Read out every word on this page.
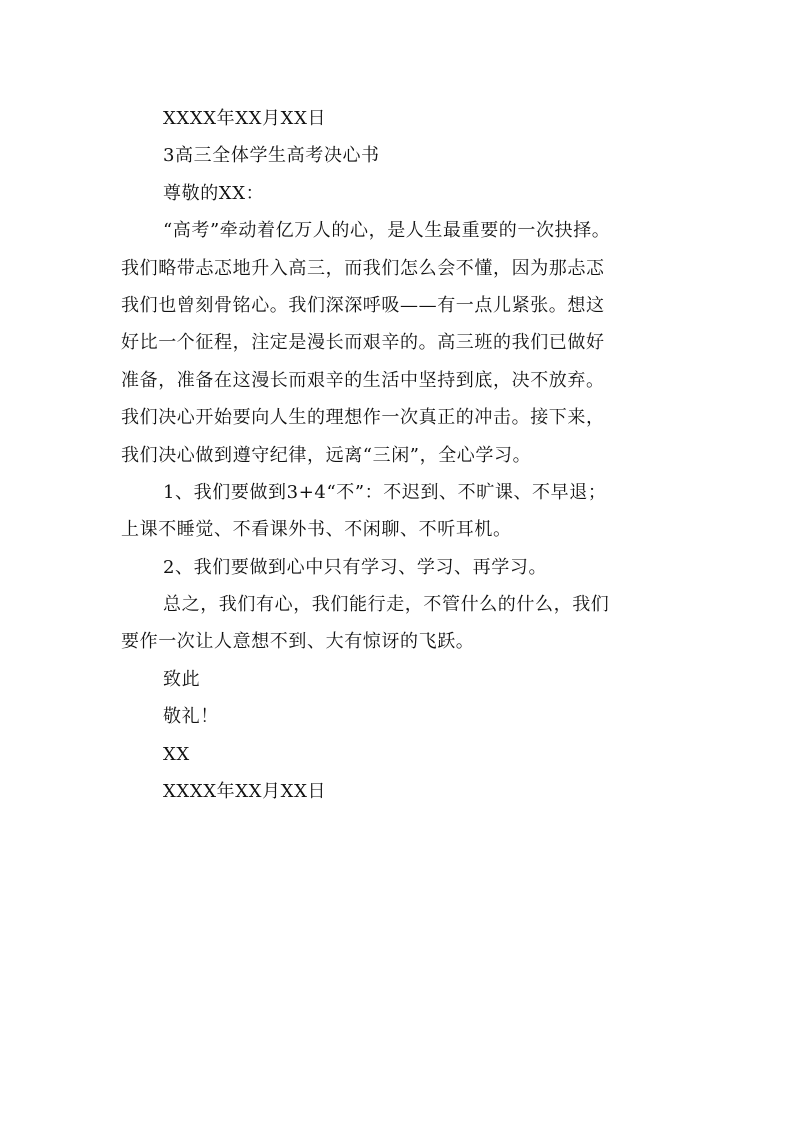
XXXX年XX月XX日
3高三全体学生高考决心书
尊敬的XX：
“高考”牵动着亿万人的心，是人生最重要的一次抉择。
我们略带忐忑地升入高三，而我们怎么会不懂，因为那忐忑
我们也曾刻骨铭心。我们深深呼吸——有一点儿紧张。想这
好比一个征程，注定是漫长而艰辛的。高三班的我们已做好
准备，准备在这漫长而艰辛的生活中坚持到底，决不放弃。
我们决心开始要向人生的理想作一次真正的冲击。接下来，
我们决心做到遵守纪律，远离“三闲”，全心学习。
1、我们要做到3+4“不”：不迟到、不旷课、不早退；
上课不睡觉、不看课外书、不闲聊、不听耳机。
2、我们要做到心中只有学习、学习、再学习。
总之，我们有心，我们能行走，不管什么的什么，我们
要作一次让人意想不到、大有惊讶的飞跃。
致此
敬礼！
XX
XXXX年XX月XX日
